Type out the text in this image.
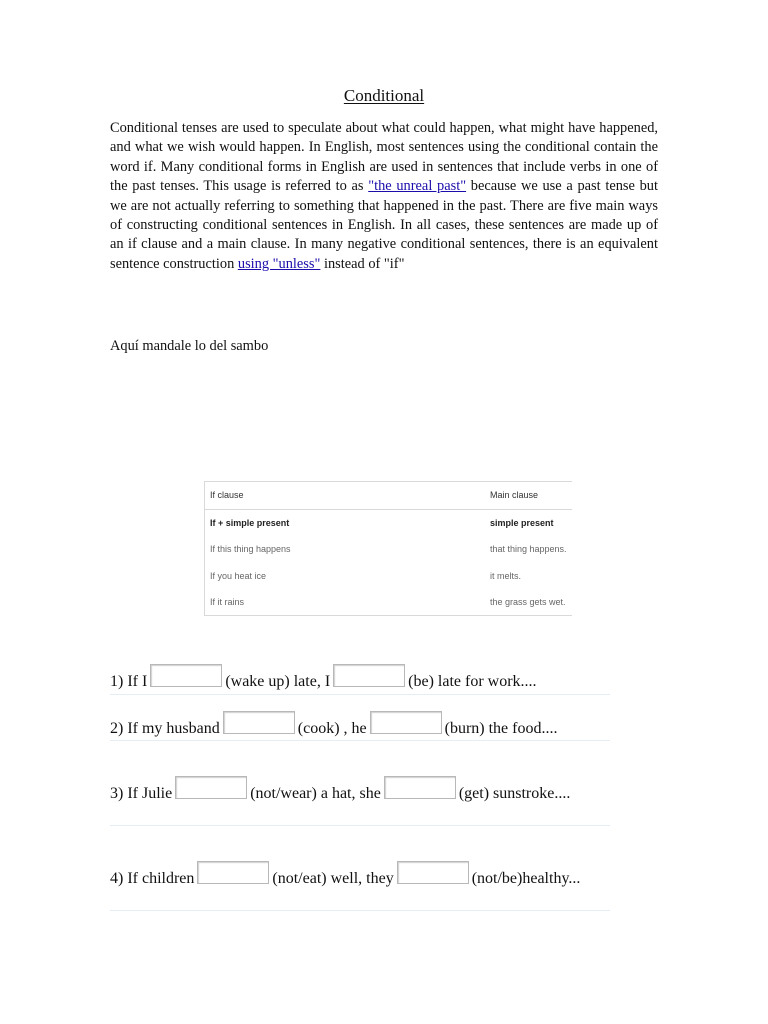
Conditional

Conditional tenses are used to speculate about what could happen, what might have happened, and what we wish would happen. In English, most sentences using the conditional contain the word if. Many conditional forms in English are used in sentences that include verbs in one of the past tenses. This usage is referred to as "the unreal past" because we use a past tense but we are not actually referring to something that happened in the past. There are five main ways of constructing conditional sentences in English. In all cases, these sentences are made up of an if clause and a main clause. In many negative conditional sentences, there is an equivalent sentence construction using "unless" instead of "if"

Aquí mandale lo del sambo

If clause	Main clause
If + simple present	simple present
If this thing happens	that thing happens.
If you heat ice	it melts.
If it rains	the grass gets wet.
1) If I	(wake up) late, I	(be) late for work....
2) If my husband	(cook) , he	(burn) the food....
3) If Julie	(not/wear) a hat, she	(get) sunstroke....
4) If children	(not/eat) well, they	(not/be)healthy...
